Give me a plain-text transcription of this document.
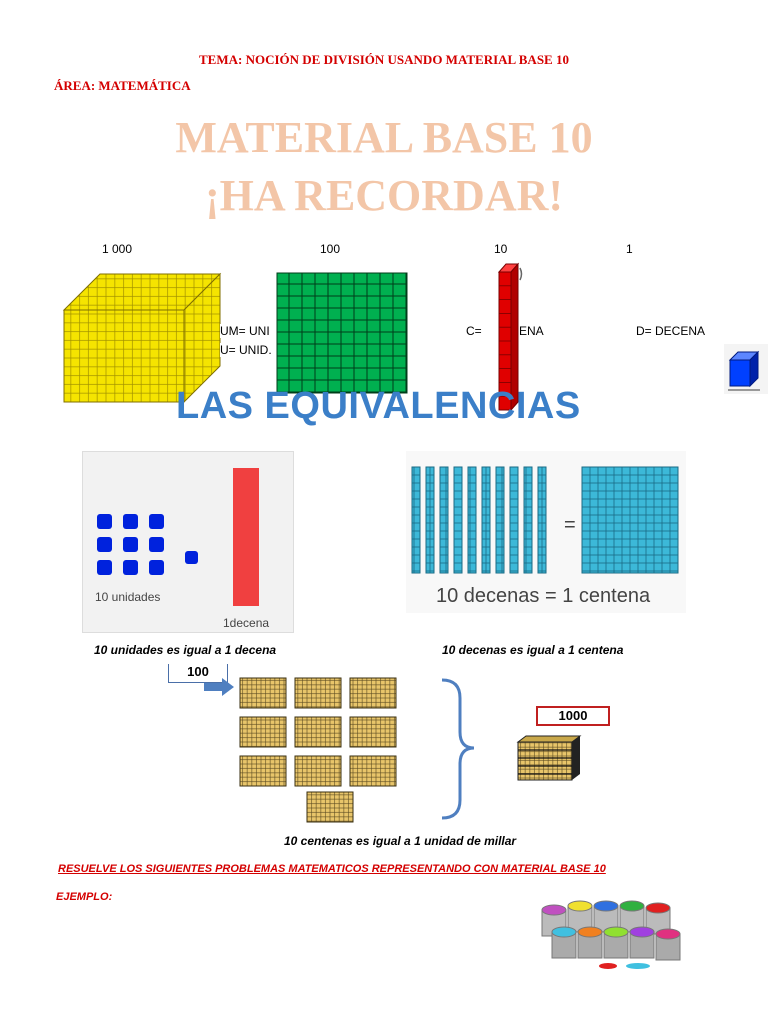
TEMA: NOCIÓN DE DIVISIÓN USANDO MATERIAL BASE 10
ÁREA: MATEMÁTICA
MATERIAL BASE 10
¡HA RECORDAR!
1 000	100	10	1
UM= UNI
U= UNID.
C=	ENA	D= DECENA
LAS EQUIVALENCIAS
10 unidades
1decena
=
10 decenas = 1 centena
10 unidades es igual a 1 decena	10 decenas es igual a 1 centena
100
1000
10 centenas es igual a 1 unidad de millar
RESUELVE LOS SIGUIENTES PROBLEMAS MATEMATICOS REPRESENTANDO CON MATERIAL BASE 10
EJEMPLO:
